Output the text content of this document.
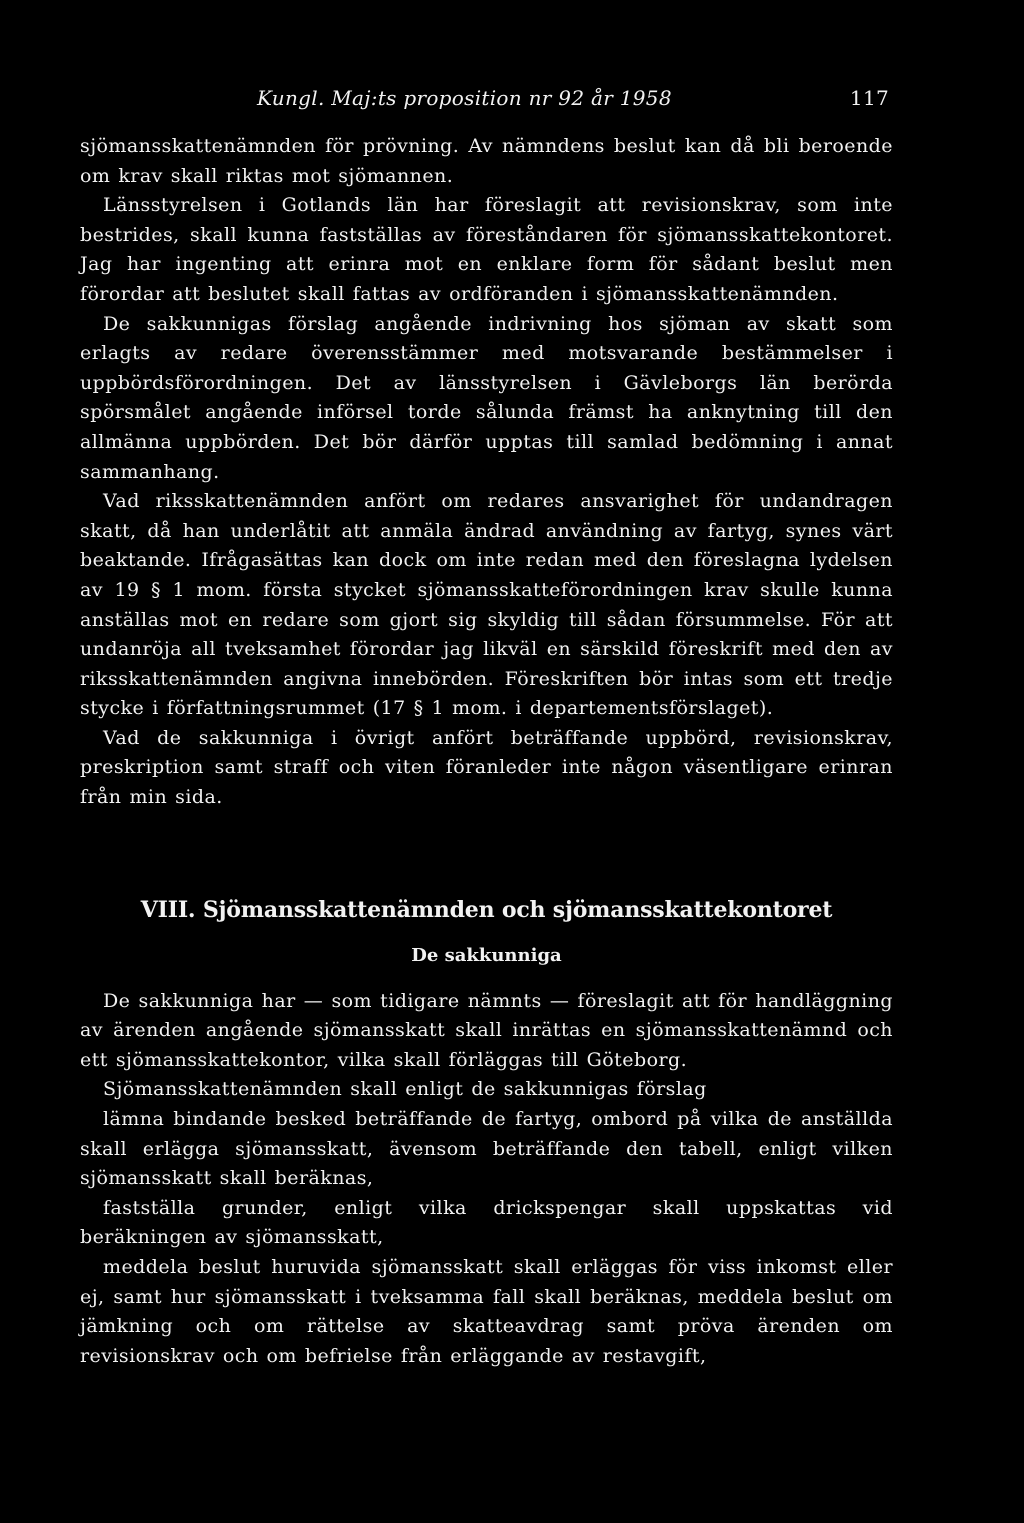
Kungl. Maj:ts proposition nr 92 år 1958	117

sjömansskattenämnden för prövning. Av nämndens beslut kan då bli beroende om krav skall riktas mot sjömannen.

Länsstyrelsen i Gotlands län har föreslagit att revisionskrav, som inte bestrides, skall kunna fastställas av föreståndaren för sjömansskattekontoret. Jag har ingenting att erinra mot en enklare form för sådant beslut men förordar att beslutet skall fattas av ordföranden i sjömansskattenämnden.

De sakkunnigas förslag angående indrivning hos sjöman av skatt som erlagts av redare överensstämmer med motsvarande bestämmelser i uppbördsförordningen. Det av länsstyrelsen i Gävleborgs län berörda spörsmålet angående införsel torde sålunda främst ha anknytning till den allmänna uppbörden. Det bör därför upptas till samlad bedömning i annat sammanhang.

Vad riksskattenämnden anfört om redares ansvarighet för undandragen skatt, då han underlåtit att anmäla ändrad användning av fartyg, synes värt beaktande. Ifrågasättas kan dock om inte redan med den föreslagna lydelsen av 19 § 1 mom. första stycket sjömansskatteförordningen krav skulle kunna anställas mot en redare som gjort sig skyldig till sådan försummelse. För att undanröja all tveksamhet förordar jag likväl en särskild föreskrift med den av riksskattenämnden angivna innebörden. Föreskriften bör intas som ett tredje stycke i författningsrummet (17 § 1 mom. i departementsförslaget).

Vad de sakkunniga i övrigt anfört beträffande uppbörd, revisionskrav, preskription samt straff och viten föranleder inte någon väsentligare erinran från min sida.

VIII. Sjömansskattenämnden och sjömansskattekontoret
De sakkunniga

De sakkunniga har — som tidigare nämnts — föreslagit att för handläggning av ärenden angående sjömansskatt skall inrättas en sjömansskattenämnd och ett sjömansskattekontor, vilka skall förläggas till Göteborg.

Sjömansskattenämnden skall enligt de sakkunnigas förslag

lämna bindande besked beträffande de fartyg, ombord på vilka de anställda skall erlägga sjömansskatt, ävensom beträffande den tabell, enligt vilken sjömansskatt skall beräknas,

fastställa grunder, enligt vilka drickspengar skall uppskattas vid beräkningen av sjömansskatt,

meddela beslut huruvida sjömansskatt skall erläggas för viss inkomst eller ej, samt hur sjömansskatt i tveksamma fall skall beräknas, meddela beslut om jämkning och om rättelse av skatteavdrag samt pröva ärenden om revisionskrav och om befrielse från erläggande av restavgift,
